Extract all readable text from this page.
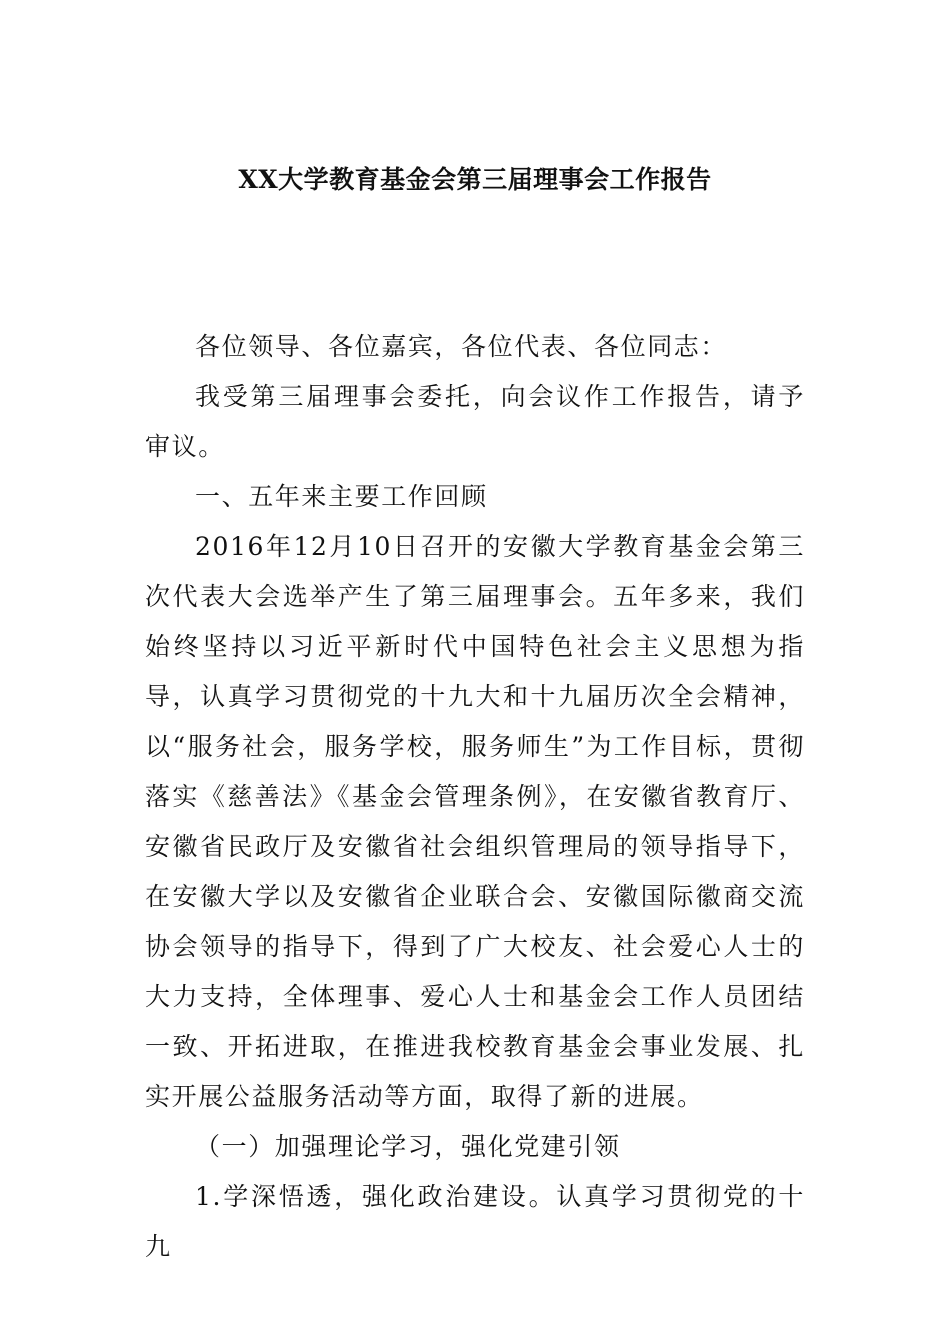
XX大学教育基金会第三届理事会工作报告

各位领导、各位嘉宾，各位代表、各位同志：

我受第三届理事会委托，向会议作工作报告，请予审议。

一、五年来主要工作回顾

2016年12月10日召开的安徽大学教育基金会第三次代表大会选举产生了第三届理事会。五年多来，我们始终坚持以习近平新时代中国特色社会主义思想为指导，认真学习贯彻党的十九大和十九届历次全会精神，以“服务社会，服务学校，服务师生”为工作目标，贯彻落实《慈善法》《基金会管理条例》，在安徽省教育厅、安徽省民政厅及安徽省社会组织管理局的领导指导下，在安徽大学以及安徽省企业联合会、安徽国际徽商交流协会领导的指导下，得到了广大校友、社会爱心人士的大力支持，全体理事、爱心人士和基金会工作人员团结一致、开拓进取，在推进我校教育基金会事业发展、扎实开展公益服务活动等方面，取得了新的进展。

（一）加强理论学习，强化党建引领

1.学深悟透，强化政治建设。认真学习贯彻党的十九
